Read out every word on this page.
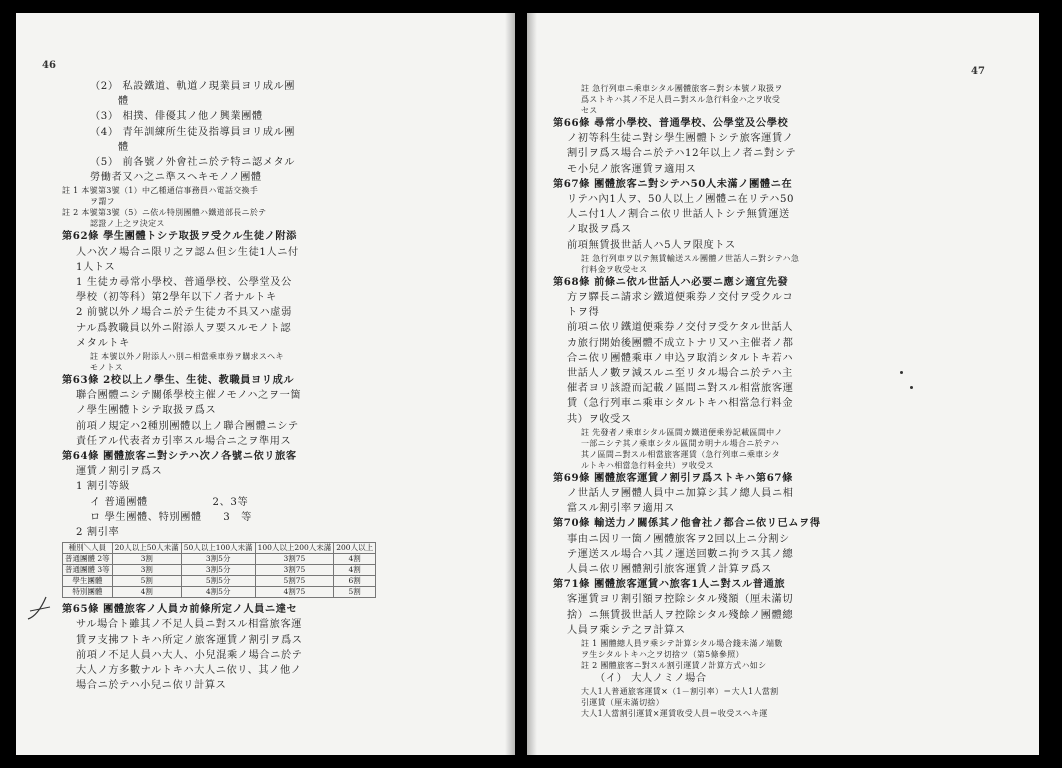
46
（2） 私設鐵道、軌道ノ現業員ヨリ成ル團
體
（3） 相撲、俳優其ノ他ノ興業團體
（4） 青年訓練所生徒及指導員ヨリ成ル團
體
（5） 前各號ノ外會社ニ於テ特ニ認メタル
勞働者又ハ之ニ準スヘキモノノ團體
註 1 本號第3號（1）中乙種通信事務員ハ電話交換手
ヲ謂フ
註 2 本號第3號（5）ニ依ル特別團體ハ鐵道部長ニ於テ
認證ノ上之ヲ決定ス
第62條 學生團體トシテ取扱ヲ受クル生徒ノ附添
人ハ次ノ場合ニ限リ之ヲ認ム但シ生徒1人ニ付
1人トス
1 生徒カ尋常小學校、普通學校、公學堂及公
學校（初等科）第2學年以下ノ者ナルトキ
2 前號以外ノ場合ニ於テ生徒カ不具又ハ虚弱
ナル爲教職員以外ニ附添人ヲ要スルモノト認
メタルトキ
註 本號以外ノ附添人ハ別ニ相當乘車券ヲ購求スヘキ
モノトス
第63條 2校以上ノ學生、生徒、教職員ヨリ成ル
聯合團體ニシテ關係學校主催ノモノハ之ヲ一箇
ノ學生團體トシテ取扱ヲ爲ス
前項ノ規定ハ2種別團體以上ノ聯合團體ニシテ
責任アル代表者カ引率スル場合ニ之ヲ準用ス
第64條 團體旅客ニ對シテハ次ノ各號ニ依リ旅客
運賃ノ割引ヲ爲ス
1 割引等級
イ 普通團體　　　　　　2、3等
ロ 學生團體、特別團體　　3　等
2 割引率
種別＼人員	20人以上50人未滿	50人以上100人未滿	100人以上200人未滿	200人以上
普通團體 2等	3割	3割5分	3割75	4割
普通團體 3等	3割	3割5分	3割75	4割
學生團體	5割	5割5分	5割75	6割
特別團體	4割	4割5分	4割75	5割
第65條 團體旅客ノ人員カ前條所定ノ人員ニ達セ
サル場合ト雖其ノ不足人員ニ對スル相當旅客運
賃ヲ支拂フトキハ所定ノ旅客運賃ノ割引ヲ爲ス
前項ノ不足人員ハ大人、小兒混乘ノ場合ニ於テ
大人ノ方多數ナルトキハ大人ニ依リ、其ノ他ノ
場合ニ於テハ小兒ニ依リ計算ス
47
註 急行列車ニ乘車シタル團體旅客ニ對シ本號ノ取扱ヲ
爲ストキハ其ノ不足人員ニ對スル急行料金ハ之ヲ收受
セス
第66條 尋常小學校、普通學校、公學堂及公學校
ノ初等科生徒ニ對シ學生團體トシテ旅客運賃ノ
割引ヲ爲ス場合ニ於テハ12年以上ノ者ニ對シテ
モ小兒ノ旅客運賃ヲ適用ス
第67條 團體旅客ニ對シテハ50人未滿ノ團體ニ在
リテハ內1人ヲ、50人以上ノ團體ニ在リテハ50
人ニ付1人ノ割合ニ依リ世話人トシテ無賃運送
ノ取扱ヲ爲ス
前項無賃扱世話人ハ5人ヲ限度トス
註 急行列車ヲ以テ無賃輸送スル團體ノ世話人ニ對シテハ急
行料金ヲ收受セス
第68條 前條ニ依ル世話人ハ必要ニ應シ適宜先發
方ヲ驛長ニ請求シ鐵道便乘券ノ交付ヲ受クルコ
トヲ得
前項ニ依リ鐵道便乘券ノ交付ヲ受ケタル世話人
カ旅行開始後團體不成立トナリ又ハ主催者ノ都
合ニ依リ團體乘車ノ申込ヲ取消シタルトキ若ハ
世話人ノ數ヲ減スルニ至リタル場合ニ於テハ主
催者ヨリ該證而記載ノ區間ニ對スル相當旅客運
賃（急行列車ニ乘車シタルトキハ相當急行料金
共）ヲ收受ス
註 先發者ノ乘車シタル區間カ鐵道便乘券記載區間中ノ
一部ニシテ其ノ乘車シタル區間カ明ナル場合ニ於テハ
其ノ區間ニ對スル相當旅客運賃（急行列車ニ乘車シタ
ルトキハ相當急行料金共）ヲ收受ス
第69條 團體旅客運賃ノ割引ヲ爲ストキハ第67條
ノ世話人ヲ團體人員中ニ加算シ其ノ總人員ニ相
當スル割引率ヲ適用ス
第70條 輸送力ノ關係其ノ他會社ノ都合ニ依リ已ムヲ得
事由ニ因リ一箇ノ團體旅客ヲ2回以上ニ分割シ
テ運送スル場合ハ其ノ運送回數ニ拘ラス其ノ總
人員ニ依リ團體割引旅客運賃ノ計算ヲ爲ス
第71條 團體旅客運賃ハ旅客1人ニ對スル普通旅
客運賃ヨリ割引額ヲ控除シタル殘額（厘未滿切
捨）ニ無賃扱世話人ヲ控除シタル殘餘ノ團體總
人員ヲ乘シテ之ヲ計算ス
註 1 團體總人員ヲ乘シテ計算シタル場合錢未滿ノ端數
ヲ生シタルトキハ之ヲ切捨ツ（第5條參照）
註 2 團體旅客ニ對スル割引運賃ノ計算方式ハ如シ
（イ） 大人ノミノ場合
大人1人普通旅客運賃×（1－割引率）＝大人1人當割
引運賃（厘未滿切捨）
大人1人當割引運賃×運賃收受人員＝收受スヘキ運
